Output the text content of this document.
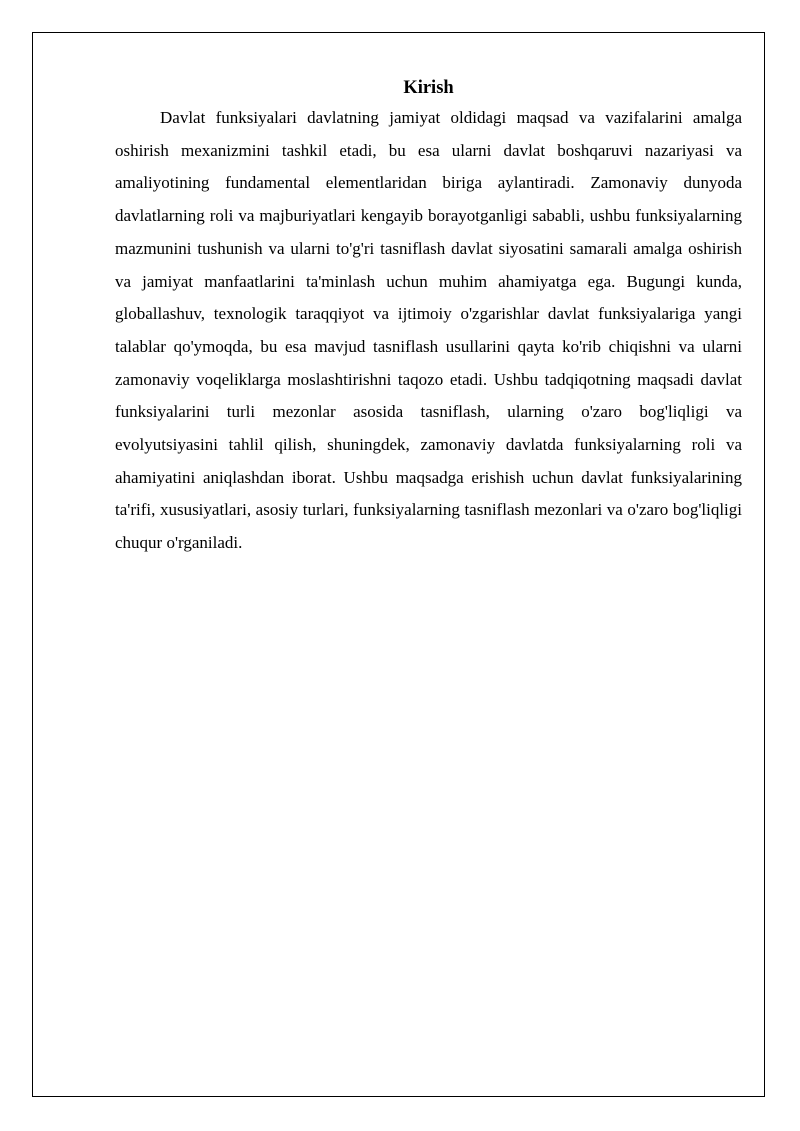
Kirish

Davlat funksiyalari davlatning jamiyat oldidagi maqsad va vazifalarini amalga oshirish mexanizmini tashkil etadi, bu esa ularni davlat boshqaruvi nazariyasi va amaliyotining fundamental elementlaridan biriga aylantiradi. Zamonaviy dunyoda davlatlarning roli va majburiyatlari kengayib borayotganligi sababli, ushbu funksiyalarning mazmunini tushunish va ularni to'g'ri tasniflash davlat siyosatini samarali amalga oshirish va jamiyat manfaatlarini ta'minlash uchun muhim ahamiyatga ega. Bugungi kunda, globallashuv, texnologik taraqqiyot va ijtimoiy o'zgarishlar davlat funksiyalariga yangi talablar qo'ymoqda, bu esa mavjud tasniflash usullarini qayta ko'rib chiqishni va ularni zamonaviy voqeliklarga moslashtirishni taqozo etadi. Ushbu tadqiqotning maqsadi davlat funksiyalarini turli mezonlar asosida tasniflash, ularning o'zaro bog'liqligi va evolyutsiyasini tahlil qilish, shuningdek, zamonaviy davlatda funksiyalarning roli va ahamiyatini aniqlashdan iborat. Ushbu maqsadga erishish uchun davlat funksiyalarining ta'rifi, xususiyatlari, asosiy turlari, funksiyalarning tasniflash mezonlari va o'zaro bog'liqligi chuqur o'rganiladi.
